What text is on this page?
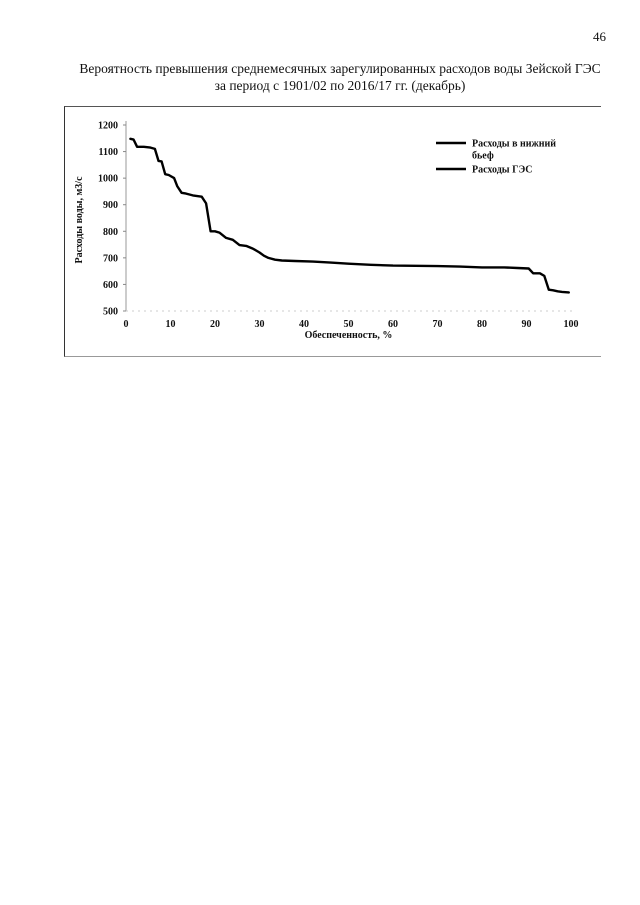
46
Вероятность превышения среднемесячных зарегулированных расходов воды Зейской ГЭС
за период с 1901/02 по 2016/17 гг. (декабрь)
500
600
700
800
900
1000
1100
1200
0	10	20	30	40	50	60	70	80	90	100
Обеспеченность, %
Расходы воды, м3/с
Расходы в нижний бьеф
Расходы ГЭС
